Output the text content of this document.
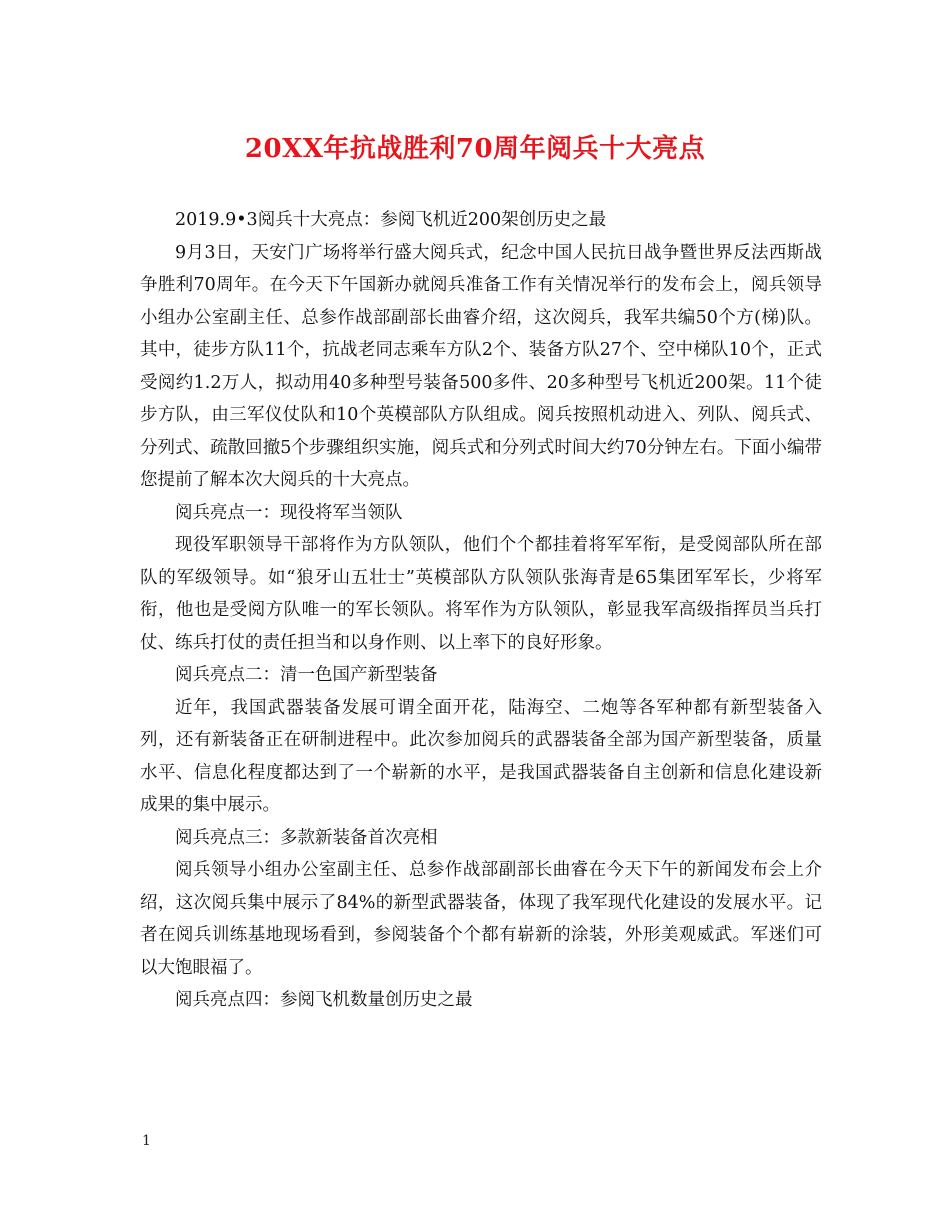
20XX年抗战胜利70周年阅兵十大亮点

2019.9•3阅兵十大亮点：参阅飞机近200架创历史之最

9月3日，天安门广场将举行盛大阅兵式，纪念中国人民抗日战争暨世界反法西斯战争胜利70周年。在今天下午国新办就阅兵准备工作有关情况举行的发布会上，阅兵领导小组办公室副主任、总参作战部副部长曲睿介绍，这次阅兵，我军共编50个方(梯)队。其中，徒步方队11个，抗战老同志乘车方队2个、装备方队27个、空中梯队10个，正式受阅约1.2万人，拟动用40多种型号装备500多件、20多种型号飞机近200架。11个徒步方队，由三军仪仗队和10个英模部队方队组成。阅兵按照机动进入、列队、阅兵式、分列式、疏散回撤5个步骤组织实施，阅兵式和分列式时间大约70分钟左右。下面小编带您提前了解本次大阅兵的十大亮点。

阅兵亮点一：现役将军当领队

现役军职领导干部将作为方队领队，他们个个都挂着将军军衔，是受阅部队所在部队的军级领导。如“狼牙山五壮士”英模部队方队领队张海青是65集团军军长，少将军衔，他也是受阅方队唯一的军长领队。将军作为方队领队，彰显我军高级指挥员当兵打仗、练兵打仗的责任担当和以身作则、以上率下的良好形象。

阅兵亮点二：清一色国产新型装备

近年，我国武器装备发展可谓全面开花，陆海空、二炮等各军种都有新型装备入列，还有新装备正在研制进程中。此次参加阅兵的武器装备全部为国产新型装备，质量水平、信息化程度都达到了一个崭新的水平，是我国武器装备自主创新和信息化建设新成果的集中展示。

阅兵亮点三：多款新装备首次亮相

阅兵领导小组办公室副主任、总参作战部副部长曲睿在今天下午的新闻发布会上介绍，这次阅兵集中展示了84%的新型武器装备，体现了我军现代化建设的发展水平。记者在阅兵训练基地现场看到，参阅装备个个都有崭新的涂装，外形美观威武。军迷们可以大饱眼福了。

阅兵亮点四：参阅飞机数量创历史之最

1
